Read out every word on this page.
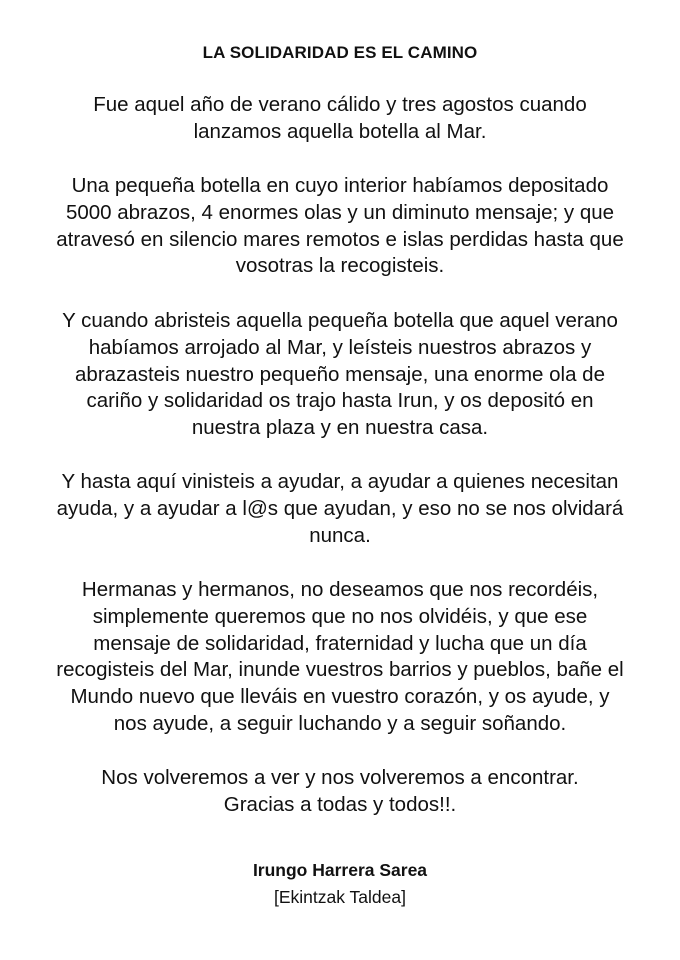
LA SOLIDARIDAD ES EL CAMINO

Fue aquel año de verano cálido y tres agostos cuando
lanzamos aquella botella al Mar.

Una pequeña botella en cuyo interior habíamos depositado
5000 abrazos, 4 enormes olas y un diminuto mensaje; y que
atravesó en silencio mares remotos e islas perdidas hasta que
vosotras la recogisteis.

Y cuando abristeis aquella pequeña botella que aquel verano
habíamos arrojado al Mar, y leísteis nuestros abrazos y
abrazasteis nuestro pequeño mensaje, una enorme ola de
cariño y solidaridad os trajo hasta Irun, y os depositó en
nuestra plaza y en nuestra casa.

Y hasta aquí vinisteis a ayudar, a ayudar a quienes necesitan
ayuda, y a ayudar a l@s que ayudan, y eso no se nos olvidará
nunca.

Hermanas y hermanos, no deseamos que nos recordéis,
simplemente queremos que no nos olvidéis, y que ese
mensaje de solidaridad, fraternidad y lucha que un día
recogisteis del Mar, inunde vuestros barrios y pueblos, bañe el
Mundo nuevo que lleváis en vuestro corazón, y os ayude, y
nos ayude, a seguir luchando y a seguir soñando.

Nos volveremos a ver y nos volveremos a encontrar.
Gracias a todas y todos!!.

Irungo Harrera Sarea
[Ekintzak Taldea]
